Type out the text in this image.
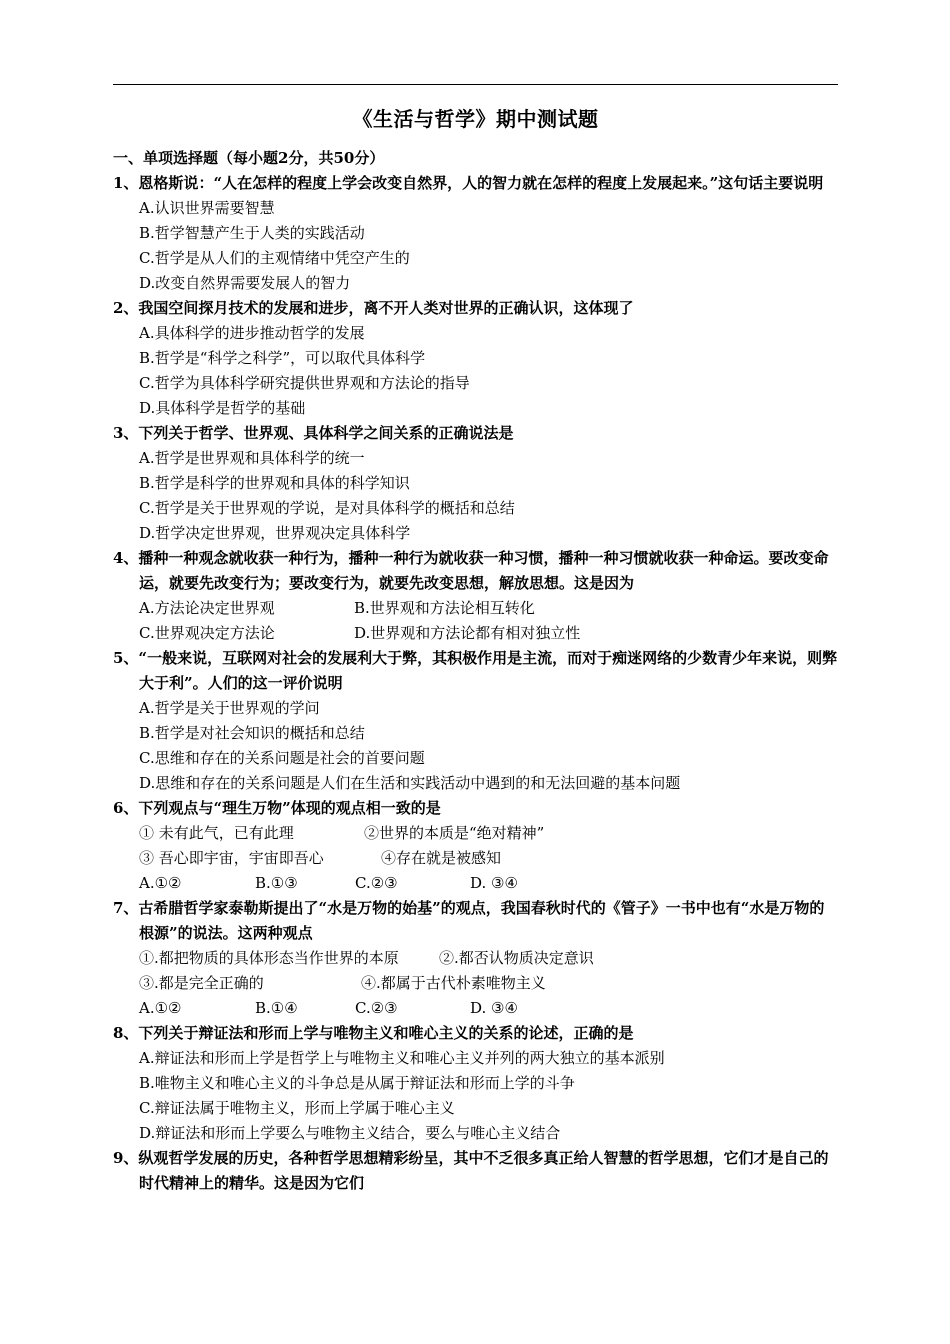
《生活与哲学》期中测试题
一、单项选择题（每小题2分，共50分）
1、恩格斯说：“人在怎样的程度上学会改变自然界，人的智力就在怎样的程度上发展起来。”这句话主要说明
A.认识世界需要智慧
B.哲学智慧产生于人类的实践活动
C.哲学是从人们的主观情绪中凭空产生的
D.改变自然界需要发展人的智力
2、我国空间探月技术的发展和进步，离不开人类对世界的正确认识，这体现了
A.具体科学的进步推动哲学的发展
B.哲学是“科学之科学”，可以取代具体科学
C.哲学为具体科学研究提供世界观和方法论的指导
D.具体科学是哲学的基础
3、下列关于哲学、世界观、具体科学之间关系的正确说法是
A.哲学是世界观和具体科学的统一
B.哲学是科学的世界观和具体的科学知识
C.哲学是关于世界观的学说，是对具体科学的概括和总结
D.哲学决定世界观，世界观决定具体科学
4、播种一种观念就收获一种行为，播种一种行为就收获一种习惯，播种一种习惯就收获一种命运。要改变命运，就要先改变行为；要改变行为，就要先改变思想，解放思想。这是因为
A.方法论决定世界观	B.世界观和方法论相互转化
C.世界观决定方法论	D.世界观和方法论都有相对独立性
5、“一般来说，互联网对社会的发展利大于弊，其积极作用是主流，而对于痴迷网络的少数青少年来说，则弊大于利”。人们的这一评价说明
A.哲学是关于世界观的学问
B.哲学是对社会知识的概括和总结
C.思维和存在的关系问题是社会的首要问题
D.思维和存在的关系问题是人们在生活和实践活动中遇到的和无法回避的基本问题
6、下列观点与“理生万物”体现的观点相一致的是
① 未有此气，已有此理	②世界的本质是“绝对精神”
③ 吾心即宇宙，宇宙即吾心	④存在就是被感知
A.①②	B.①③	C.②③	D. ③④
7、古希腊哲学家泰勒斯提出了“水是万物的始基”的观点，我国春秋时代的《管子》一书中也有“水是万物的根源”的说法。这两种观点
①.都把物质的具体形态当作世界的本原	②.都否认物质决定意识
③.都是完全正确的	④.都属于古代朴素唯物主义
A.①②	B.①④	C.②③	D. ③④
8、下列关于辩证法和形而上学与唯物主义和唯心主义的关系的论述，正确的是
A.辩证法和形而上学是哲学上与唯物主义和唯心主义并列的两大独立的基本派别
B.唯物主义和唯心主义的斗争总是从属于辩证法和形而上学的斗争
C.辩证法属于唯物主义，形而上学属于唯心主义
D.辩证法和形而上学要么与唯物主义结合，要么与唯心主义结合
9、纵观哲学发展的历史，各种哲学思想精彩纷呈，其中不乏很多真正给人智慧的哲学思想，它们才是自己的时代精神上的精华。这是因为它们
